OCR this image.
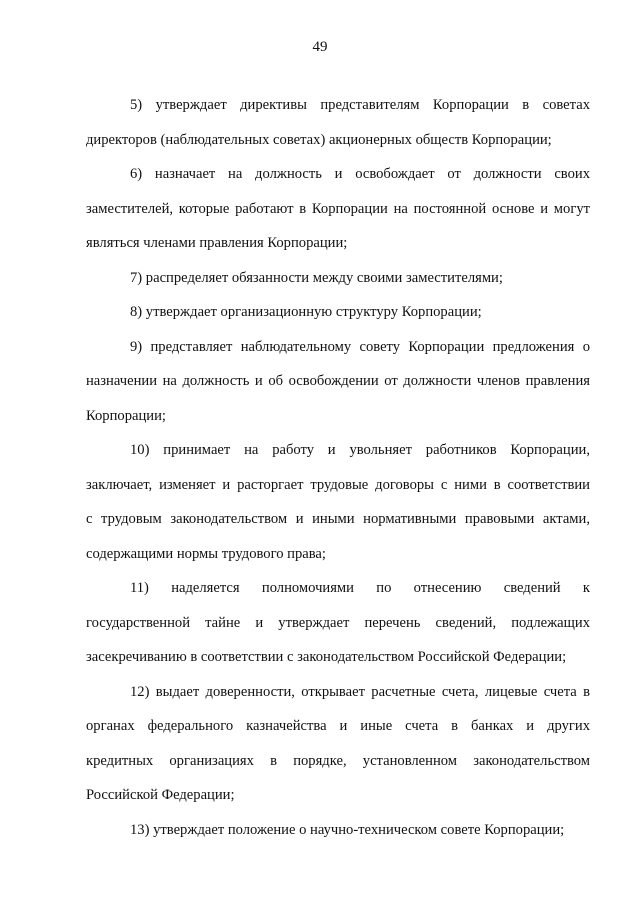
49
5) утверждает директивы представителям Корпорации в советах
директоров (наблюдательных советах) акционерных обществ Корпорации;
6) назначает на должность и освобождает от должности своих
заместителей, которые работают в Корпорации на постоянной основе и могут
являться членами правления Корпорации;
7) распределяет обязанности между своими заместителями;
8) утверждает организационную структуру Корпорации;
9) представляет наблюдательному совету Корпорации предложения о
назначении на должность и об освобождении от должности членов правления
Корпорации;
10) принимает на работу и увольняет работников Корпорации,
заключает, изменяет и расторгает трудовые договоры с ними в соответствии
с трудовым законодательством и иными нормативными правовыми актами,
содержащими нормы трудового права;
11) наделяется полномочиями по отнесению сведений к
государственной тайне и утверждает перечень сведений, подлежащих
засекречиванию в соответствии с законодательством Российской Федерации;
12) выдает доверенности, открывает расчетные счета, лицевые счета в
органах федерального казначейства и иные счета в банках и других
кредитных организациях в порядке, установленном законодательством
Российской Федерации;
13) утверждает положение о научно-техническом совете Корпорации;
